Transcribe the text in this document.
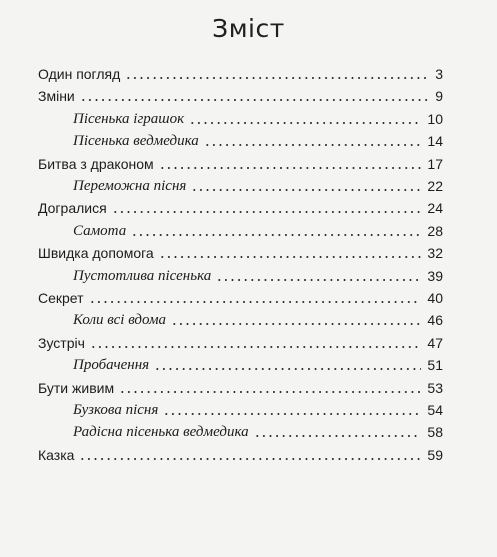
Зміст
Один погляд	3
Зміни	9
Пісенька іграшок	10
Пісенька ведмедика	14
Битва з драконом	17
Переможна пісня	22
Догралися	24
Самота	28
Швидка допомога	32
Пустотлива пісенька	39
Секрет	40
Коли всі вдома	46
Зустріч	47
Пробачення	51
Бути живим	53
Бузкова пісня	54
Радісна пісенька ведмедика	58
Казка	59
